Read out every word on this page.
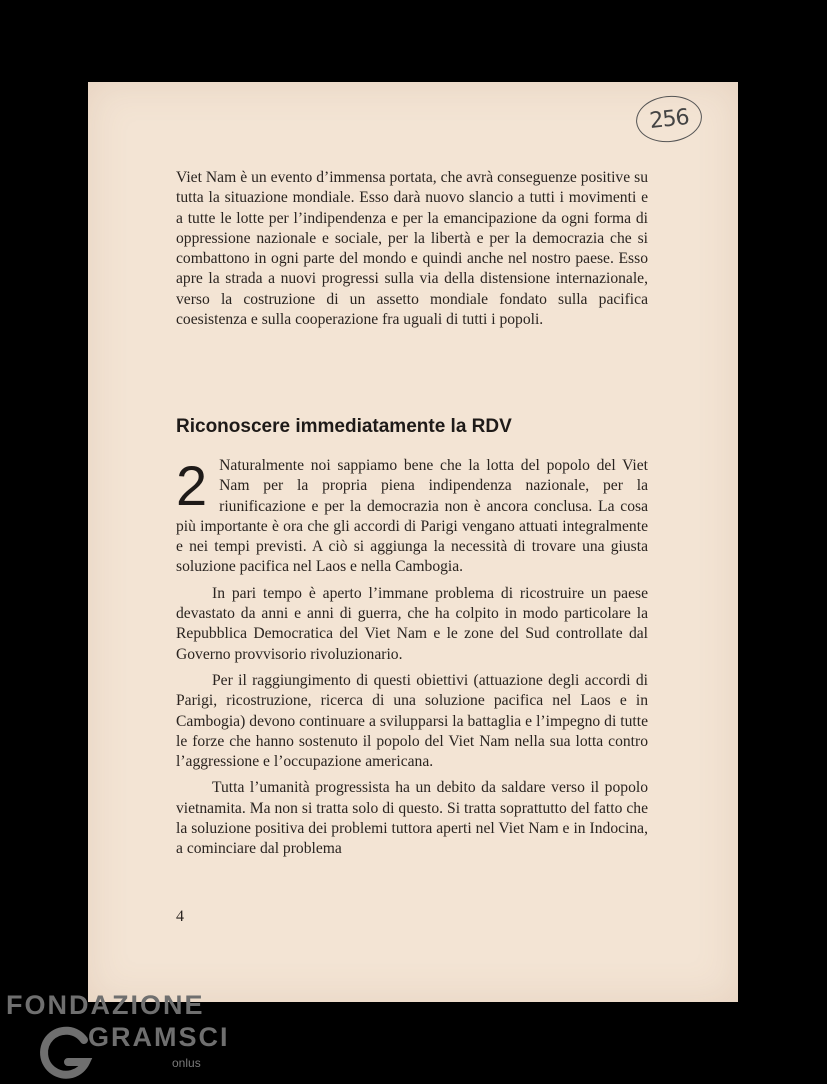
256

Viet Nam è un evento d’immensa portata, che avrà conseguenze positive su tutta la situazione mondiale. Esso darà nuovo slancio a tutti i movimenti e a tutte le lotte per l’indipendenza e per la emancipazione da ogni forma di oppressione nazionale e sociale, per la libertà e per la democrazia che si combattono in ogni parte del mondo e quindi anche nel nostro paese. Esso apre la strada a nuovi progressi sulla via della distensione internazionale, verso la costruzione di un assetto mondiale fondato sulla pacifica coesistenza e sulla cooperazione fra uguali di tutti i popoli.

Riconoscere immediatamente la RDV

2 Naturalmente noi sappiamo bene che la lotta del popolo del Viet Nam per la propria piena indipendenza nazionale, per la riunificazione e per la democrazia non è ancora conclusa. La cosa più importante è ora che gli accordi di Parigi vengano attuati integralmente e nei tempi previsti. A ciò si aggiunga la necessità di trovare una giusta soluzione pacifica nel Laos e nella Cambogia.

In pari tempo è aperto l’immane problema di ricostruire un paese devastato da anni e anni di guerra, che ha colpito in modo particolare la Repubblica Democratica del Viet Nam e le zone del Sud controllate dal Governo provvisorio rivoluzionario.

Per il raggiungimento di questi obiettivi (attuazione degli accordi di Parigi, ricostruzione, ricerca di una soluzione pacifica nel Laos e in Cambogia) devono continuare a svilupparsi la battaglia e l’impegno di tutte le forze che hanno sostenuto il popolo del Viet Nam nella sua lotta contro l’aggressione e l’occupazione americana.

Tutta l’umanità progressista ha un debito da saldare verso il popolo vietnamita. Ma non si tratta solo di questo. Si tratta soprattutto del fatto che la soluzione positiva dei problemi tuttora aperti nel Viet Nam e in Indocina, a cominciare dal problema

4
FONDAZIONE
GRAMSCI
onlus
